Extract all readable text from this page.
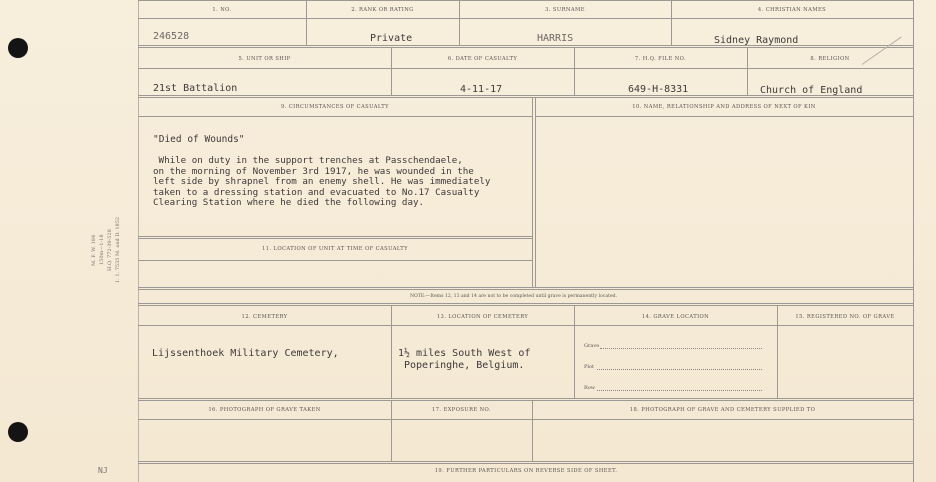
M. F. W. 184 150m—1-18 H.Q. 772-39-528 1. 1. 7535 M. and D. 1852
NJ
1. NO.	2. RANK OR RATING	3. SURNAME	4. CHRISTIAN NAMES
246528	Private	HARRIS	Sidney Raymond
5. UNIT OR SHIP	6. DATE OF CASUALTY	7. H.Q. FILE NO.	8. RELIGION
21st Battalion	4-11-17	649-H-8331	Church of England
9. CIRCUMSTANCES OF CASUALTY	10. NAME, RELATIONSHIP AND ADDRESS OF NEXT OF KIN
"Died of Wounds"
While on duty in the support trenches at Passchendaele,
on the morning of November 3rd 1917, he was wounded in the
left side by shrapnel from an enemy shell. He was immediately
taken to a dressing station and evacuated to No.17 Casualty
Clearing Station where he died the following day.
11. LOCATION OF UNIT AT TIME OF CASUALTY
NOTE:—Items 12, 13 and 14 are not to be completed until grave is permanently located.
12. CEMETERY	13. LOCATION OF CEMETERY	14. GRAVE LOCATION	15. REGISTERED NO. OF GRAVE
Lijssenthoek Military Cemetery,	1½ miles South West of
Poperinghe, Belgium.
Grave
Plot
Row
16. PHOTOGRAPH OF GRAVE TAKEN	17. EXPOSURE NO.	18. PHOTOGRAPH OF GRAVE AND CEMETERY SUPPLIED TO
19. FURTHER PARTICULARS ON REVERSE SIDE OF SHEET.
